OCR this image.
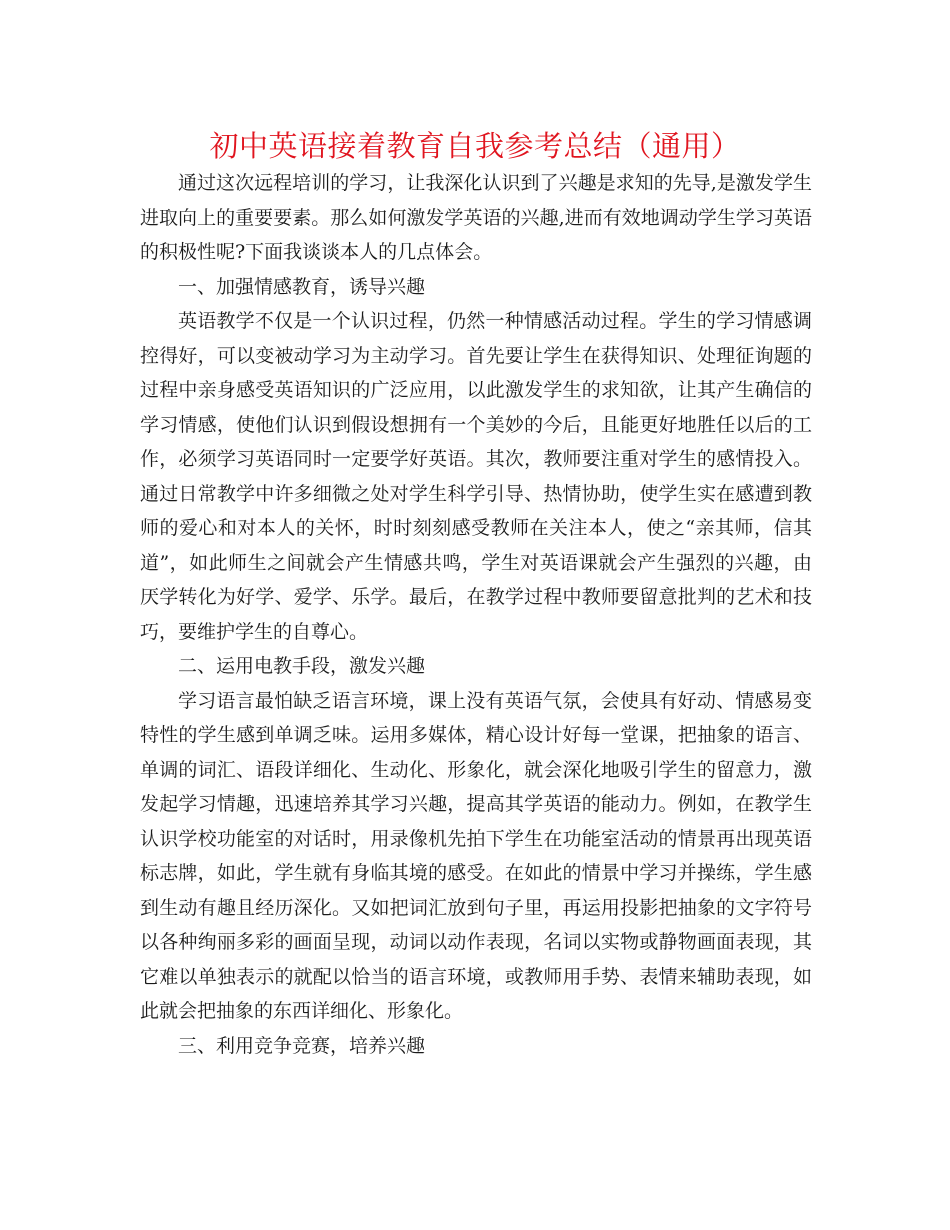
初中英语接着教育自我参考总结（通用）

通过这次远程培训的学习，让我深化认识到了兴趣是求知的先导,是激发学生进取向上的重要要素。那么如何激发学英语的兴趣,进而有效地调动学生学习英语的积极性呢?下面我谈谈本人的几点体会。

一、加强情感教育，诱导兴趣

英语教学不仅是一个认识过程，仍然一种情感活动过程。学生的学习情感调控得好，可以变被动学习为主动学习。首先要让学生在获得知识、处理征询题的过程中亲身感受英语知识的广泛应用，以此激发学生的求知欲，让其产生确信的学习情感，使他们认识到假设想拥有一个美妙的今后，且能更好地胜任以后的工作，必须学习英语同时一定要学好英语。其次，教师要注重对学生的感情投入。通过日常教学中许多细微之处对学生科学引导、热情协助，使学生实在感遭到教师的爱心和对本人的关怀，时时刻刻感受教师在关注本人，使之“亲其师，信其道”，如此师生之间就会产生情感共鸣，学生对英语课就会产生强烈的兴趣，由厌学转化为好学、爱学、乐学。最后，在教学过程中教师要留意批判的艺术和技巧，要维护学生的自尊心。

二、运用电教手段，激发兴趣

学习语言最怕缺乏语言环境，课上没有英语气氛，会使具有好动、情感易变特性的学生感到单调乏味。运用多媒体，精心设计好每一堂课，把抽象的语言、单调的词汇、语段详细化、生动化、形象化，就会深化地吸引学生的留意力，激发起学习情趣，迅速培养其学习兴趣，提高其学英语的能动力。例如，在教学生认识学校功能室的对话时，用录像机先拍下学生在功能室活动的情景再出现英语标志牌，如此，学生就有身临其境的感受。在如此的情景中学习并操练，学生感到生动有趣且经历深化。又如把词汇放到句子里，再运用投影把抽象的文字符号以各种绚丽多彩的画面呈现，动词以动作表现，名词以实物或静物画面表现，其它难以单独表示的就配以恰当的语言环境，或教师用手势、表情来辅助表现，如此就会把抽象的东西详细化、形象化。

三、利用竞争竞赛，培养兴趣
